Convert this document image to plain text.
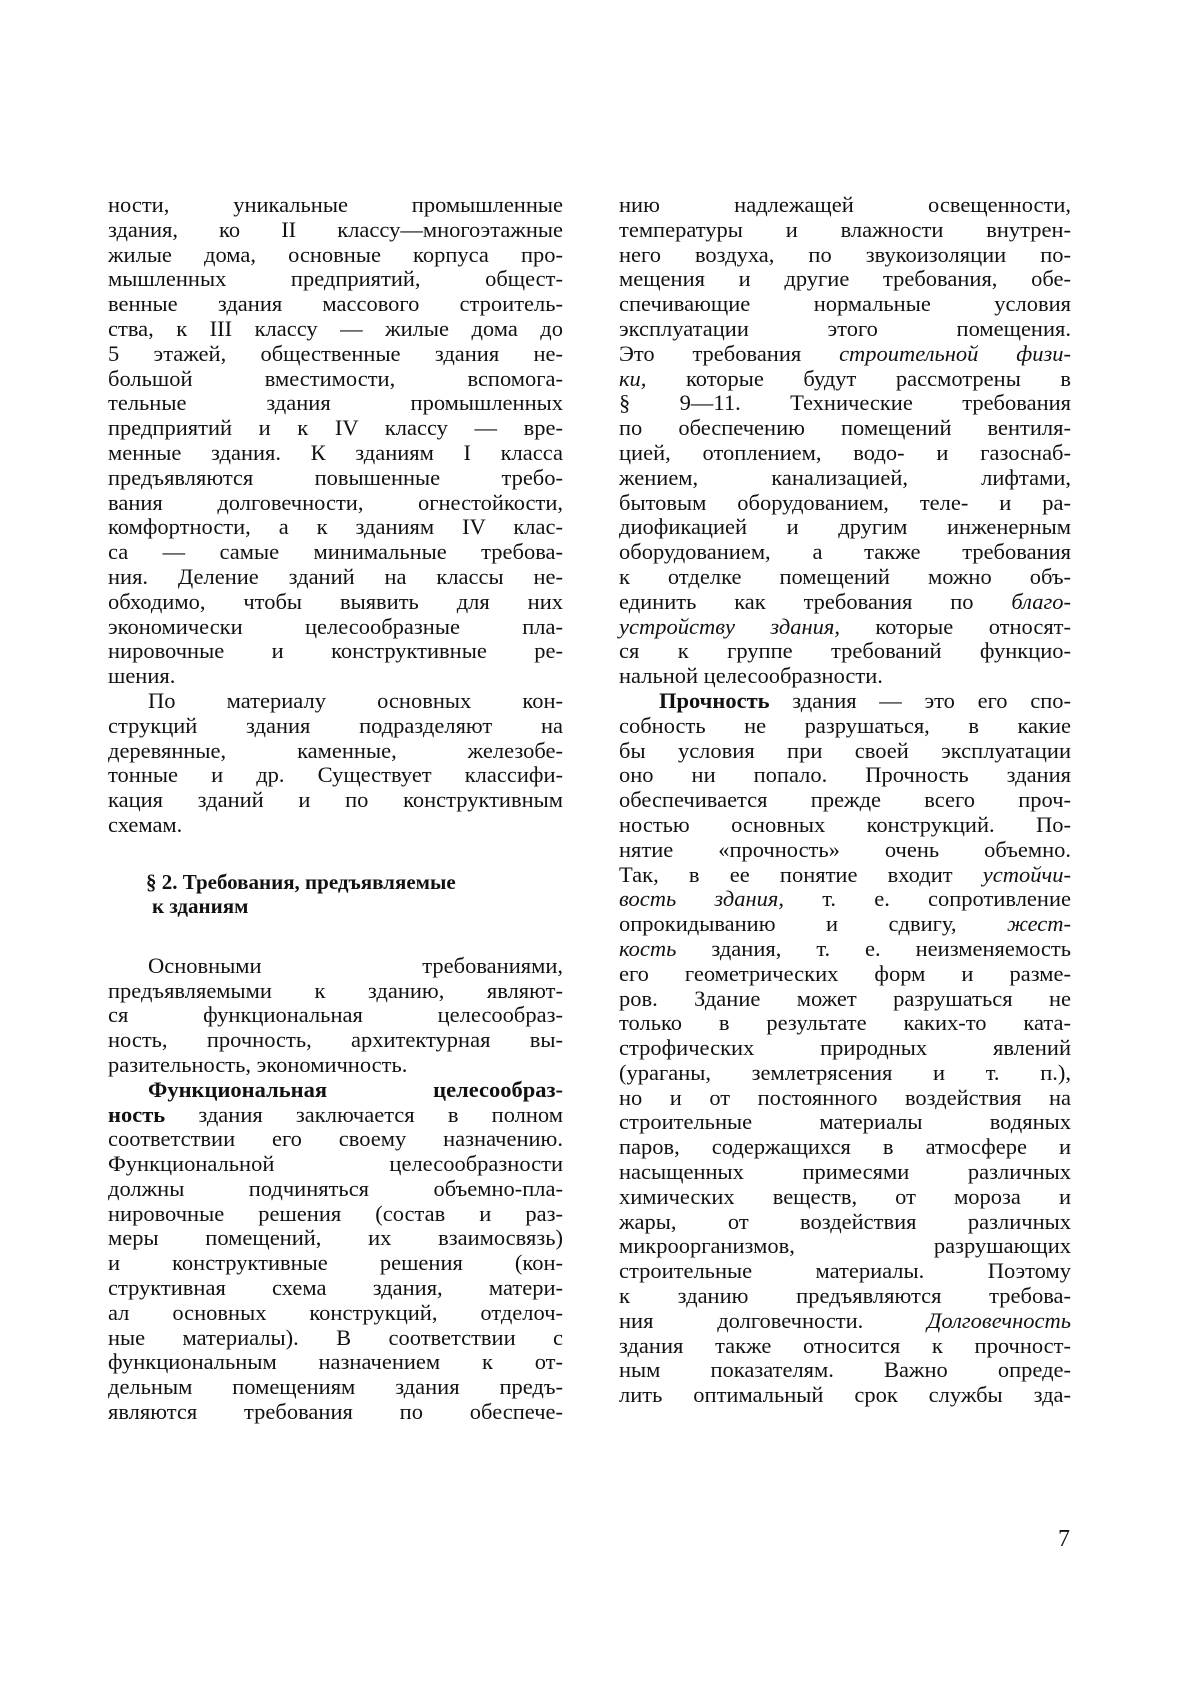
ности, уникальные промышленные
здания, ко II классу—многоэтажные
жилые дома, основные корпуса про-
мышленных предприятий, общест-
венные здания массового строитель-
ства, к III классу — жилые дома до
5 этажей, общественные здания не-
большой вместимости, вспомога-
тельные здания промышленных
предприятий и к IV классу — вре-
менные здания. К зданиям I класса
предъявляются повышенные требо-
вания долговечности, огнестойкости,
комфортности, а к зданиям IV клас-
са — самые минимальные требова-
ния. Деление зданий на классы не-
обходимо, чтобы выявить для них
экономически целесообразные пла-
нировочные и конструктивные ре-
шения.
По материалу основных кон-
струкций здания подразделяют на
деревянные, каменные, железобе-
тонные и др. Существует классифи-
кация зданий и по конструктивным
схемам.
§ 2. Требования, предъявляемые
к зданиям
Основными требованиями,
предъявляемыми к зданию, являют-
ся функциональная целесообраз-
ность, прочность, архитектурная вы-
разительность, экономичность.
Функциональная целесообраз-
ность здания заключается в полном
соответствии его своему назначению.
Функциональной целесообразности
должны подчиняться объемно-пла-
нировочные решения (состав и раз-
меры помещений, их взаимосвязь)
и конструктивные решения (кон-
структивная схема здания, матери-
ал основных конструкций, отделоч-
ные материалы). В соответствии с
функциональным назначением к от-
дельным помещениям здания предъ-
являются требования по обеспече-
нию надлежащей освещенности,
температуры и влажности внутрен-
него воздуха, по звукоизоляции по-
мещения и другие требования, обе-
спечивающие нормальные условия
эксплуатации этого помещения.
Это требования строительной физи-
ки, которые будут рассмотрены в
§ 9—11. Технические требования
по обеспечению помещений вентиля-
цией, отоплением, водо- и газоснаб-
жением, канализацией, лифтами,
бытовым оборудованием, теле- и ра-
диофикацией и другим инженерным
оборудованием, а также требования
к отделке помещений можно объ-
единить как требования по благо-
устройству здания, которые относят-
ся к группе требований функцио-
нальной целесообразности.
Прочность здания — это его спо-
собность не разрушаться, в какие
бы условия при своей эксплуатации
оно ни попало. Прочность здания
обеспечивается прежде всего проч-
ностью основных конструкций. По-
нятие «прочность» очень объемно.
Так, в ее понятие входит устойчи-
вость здания, т. е. сопротивление
опрокидыванию и сдвигу, жест-
кость здания, т. е. неизменяемость
его геометрических форм и разме-
ров. Здание может разрушаться не
только в результате каких-то ката-
строфических природных явлений
(ураганы, землетрясения и т. п.),
но и от постоянного воздействия на
строительные материалы водяных
паров, содержащихся в атмосфере и
насыщенных примесями различных
химических веществ, от мороза и
жары, от воздействия различных
микроорганизмов, разрушающих
строительные материалы. Поэтому
к зданию предъявляются требова-
ния долговечности. Долговечность
здания также относится к прочност-
ным показателям. Важно опреде-
лить оптимальный срок службы зда-
7
